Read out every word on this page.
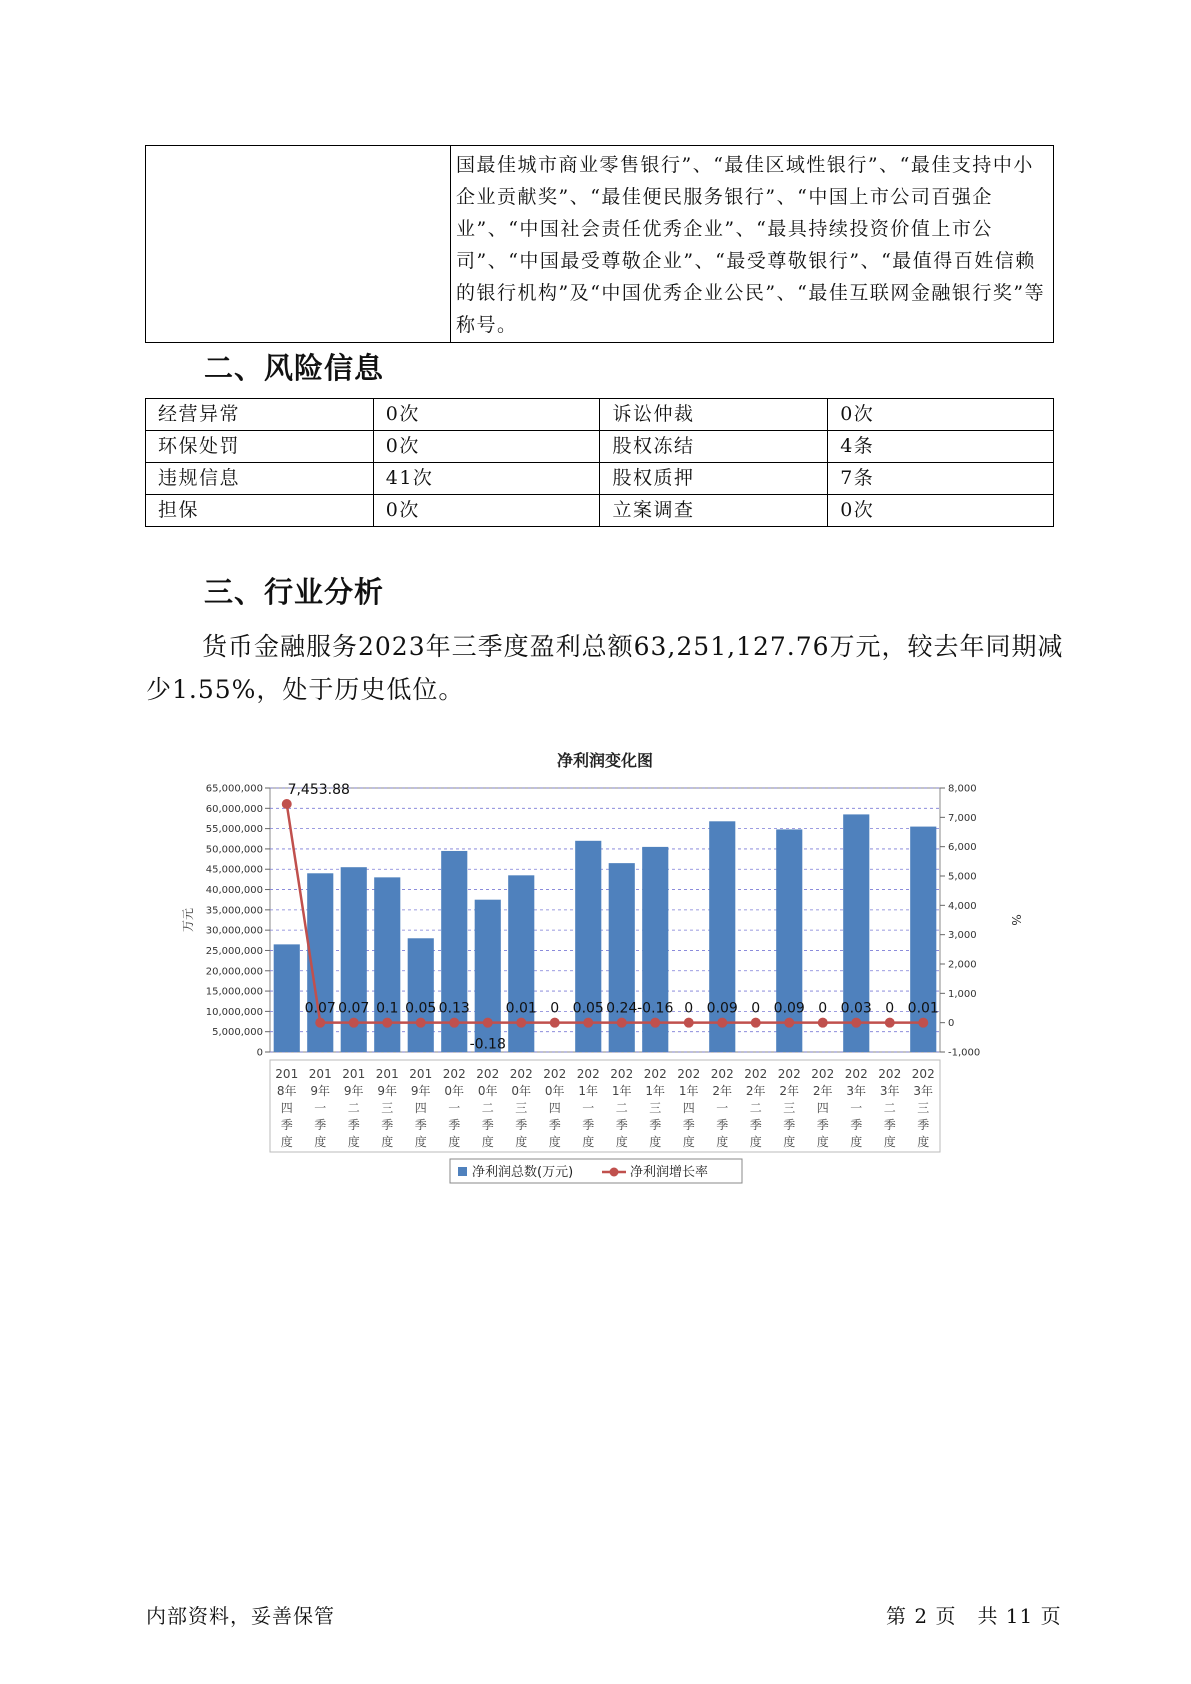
国最佳城市商业零售银行”、“最佳区域性银行”、“最佳支持中小企业贡献奖”、“最佳便民服务银行”、“中国上市公司百强企业”、“中国社会责任优秀企业”、“最具持续投资价值上市公司”、“中国最受尊敬企业”、“最受尊敬银行”、“最值得百姓信赖的银行机构”及“中国优秀企业公民”、“最佳互联网金融银行奖”等称号。
二、风险信息
经营异常	0次	诉讼仲裁	0次
环保处罚	0次	股权冻结	4条
违规信息	41次	股权质押	7条
担保	0次	立案调查	0次
三、行业分析
货币金融服务2023年三季度盈利总额63,251,127.76万元，较去年同期减少1.55%，处于历史低位。
净利润变化图
0
5,000,000
10,000,000
15,000,000
20,000,000
25,000,000
30,000,000
35,000,000
40,000,000
45,000,000
50,000,000
55,000,000
60,000,000
65,000,000
-1,000
0
1,000
2,000
3,000
4,000
5,000
6,000
7,000
8,000
万元	%
201 8年四季度
201 9年一季度
201 9年二季度
201 9年三季度
201 9年四季度
202 0年一季度
202 0年二季度
202 0年三季度
202 0年四季度
202 1年一季度
202 1年二季度
202 1年三季度
202 1年四季度
202 2年一季度
202 2年二季度
202 2年三季度
202 2年四季度
202 3年一季度
202 3年二季度
202 3年三季度
7,453.88
0.07 0.07 0.1 0.05 0.13
-0.18
0.01 0 0.05 0.24 -0.16 0 0.09 0 0.09 0 0.03 0 0.01
净利润总数(万元)	净利润增长率
内部资料，妥善保管	第 2 页　共 11 页
